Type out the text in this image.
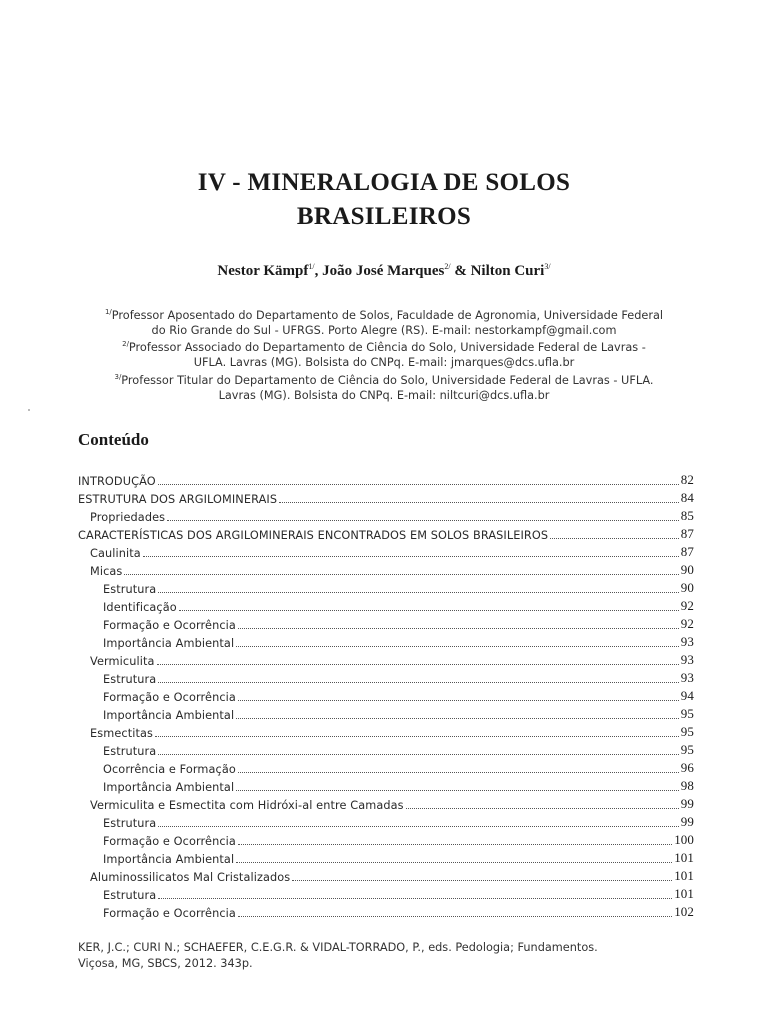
IV - MINERALOGIA DE SOLOS
BRASILEIROS
Nestor Kämpf$^{1/}$, João José Marques$^{2/}$ & Nilton Curi$^{3/}$
$^{1/}$Professor Aposentado do Departamento de Solos, Faculdade de Agronomia, Universidade Federal
do Rio Grande do Sul - UFRGS. Porto Alegre (RS). E-mail: nestorkampf@gmail.com
$^{2/}$Professor Associado do Departamento de Ciência do Solo, Universidade Federal de Lavras -
UFLA. Lavras (MG). Bolsista do CNPq. E-mail: jmarques@dcs.ufla.br
$^{3/}$Professor Titular do Departamento de Ciência do Solo, Universidade Federal de Lavras - UFLA.
Lavras (MG). Bolsista do CNPq. E-mail: niltcuri@dcs.ufla.br
Conteúdo
INTRODUÇÃO	82
ESTRUTURA DOS ARGILOMINERAIS	84
Propriedades	85
CARACTERÍSTICAS DOS ARGILOMINERAIS ENCONTRADOS EM SOLOS BRASILEIROS	87
Caulinita	87
Micas	90
Estrutura	90
Identificação	92
Formação e Ocorrência	92
Importância Ambiental	93
Vermiculita	93
Estrutura	93
Formação e Ocorrência	94
Importância Ambiental	95
Esmectitas	95
Estrutura	95
Ocorrência e Formação	96
Importância Ambiental	98
Vermiculita e Esmectita com Hidróxi-al entre Camadas	99
Estrutura	99
Formação e Ocorrência	100
Importância Ambiental	101
Aluminossilicatos Mal Cristalizados	101
Estrutura	101
Formação e Ocorrência	102
KER, J.C.; CURI N.; SCHAEFER, C.E.G.R. & VIDAL-TORRADO, P., eds. Pedologia; Fundamentos.
Viçosa, MG, SBCS, 2012. 343p.
